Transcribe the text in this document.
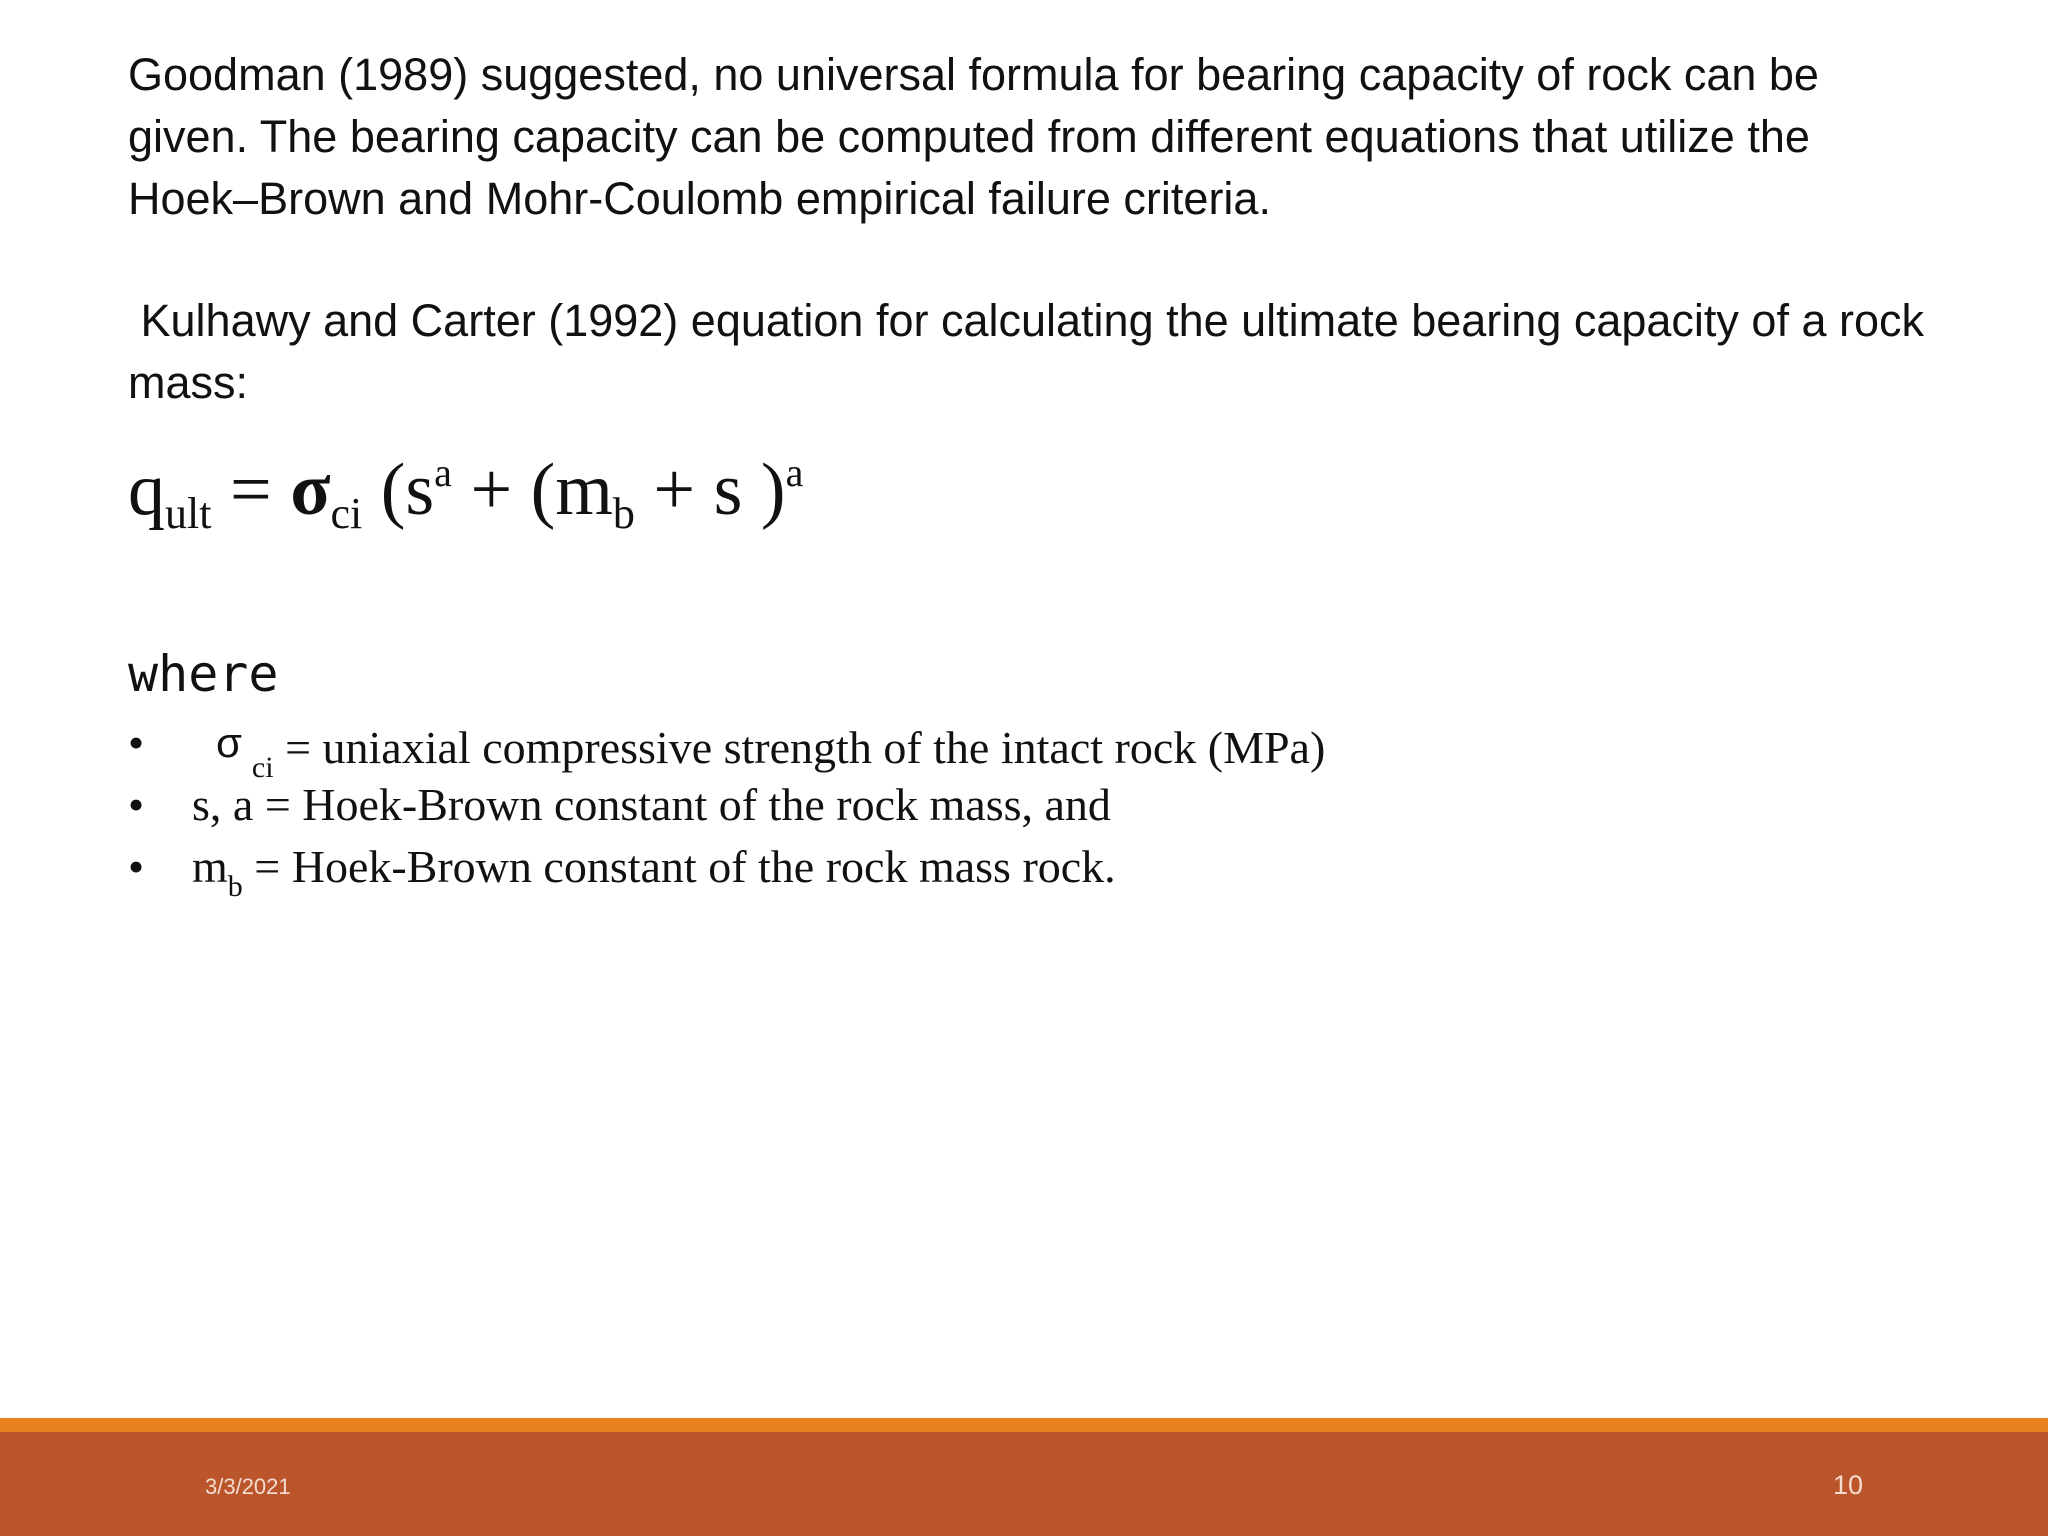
Goodman (1989) suggested, no universal formula for bearing capacity of rock can be given. The bearing capacity can be computed from different equations that utilize the Hoek–Brown and Mohr-Coulomb empirical failure criteria.
Kulhawy and Carter (1992) equation for calculating the ultimate bearing capacity of a rock mass:
$q_{ult} = \sigma_{ci}$ ($s^a + (m_b + s$ )$^a$
where
•	$\sigma_{ci}$ = uniaxial compressive strength of the intact rock (MPa)
• s, a = Hoek-Brown constant of the rock mass, and
• $m_b$ = Hoek-Brown constant of the rock mass rock.
3/3/2021	10
